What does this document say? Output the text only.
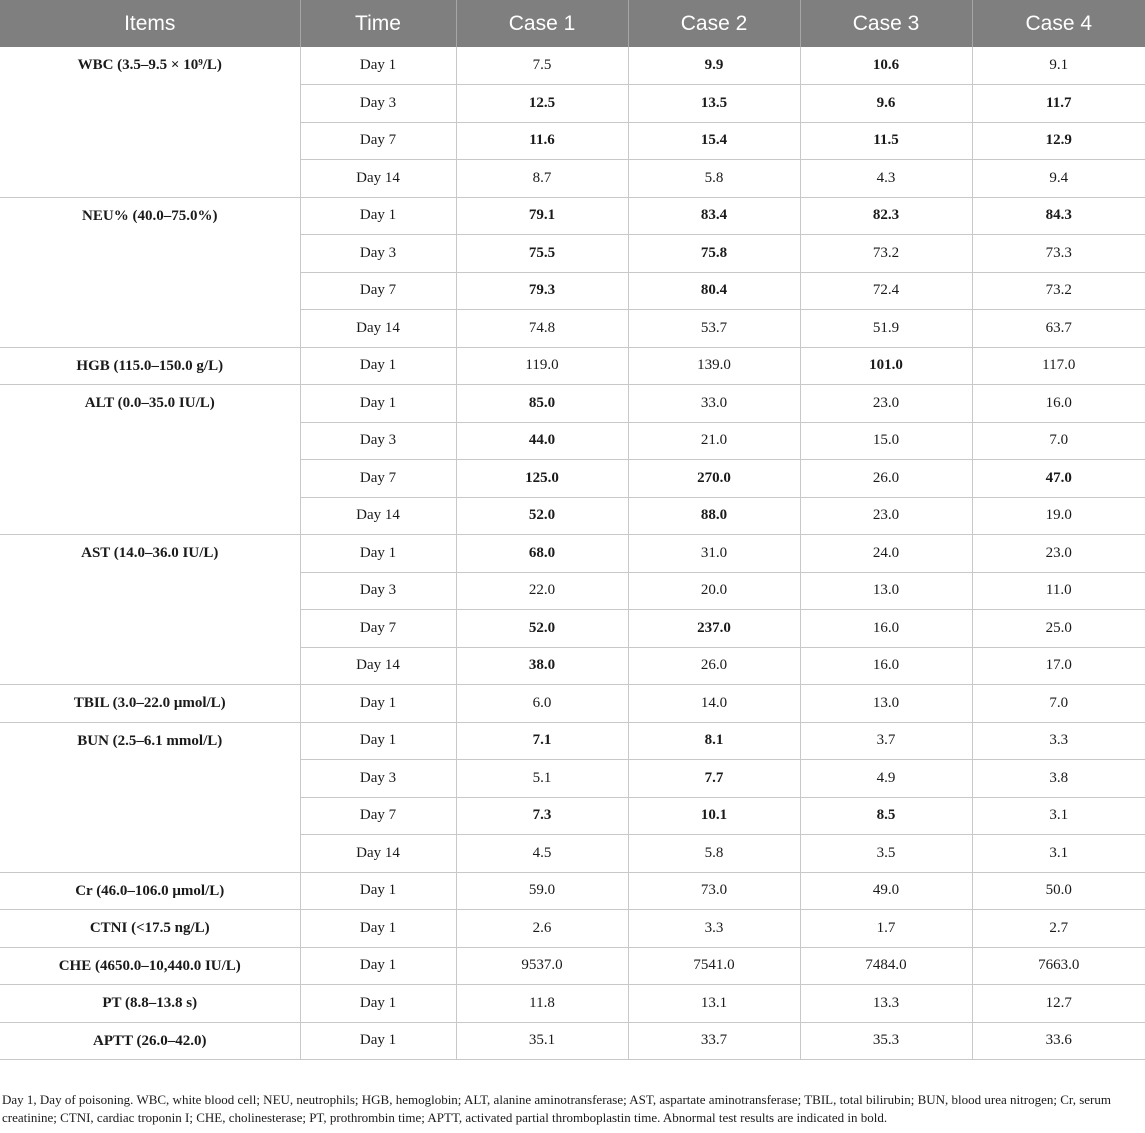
Items	Time	Case 1	Case 2	Case 3	Case 4
WBC (3.5–9.5 × 10⁹/L)	Day 1	7.5	9.9	10.6	9.1
	Day 3	12.5	13.5	9.6	11.7
	Day 7	11.6	15.4	11.5	12.9
	Day 14	8.7	5.8	4.3	9.4
NEU% (40.0–75.0%)	Day 1	79.1	83.4	82.3	84.3
	Day 3	75.5	75.8	73.2	73.3
	Day 7	79.3	80.4	72.4	73.2
	Day 14	74.8	53.7	51.9	63.7
HGB (115.0–150.0 g/L)	Day 1	119.0	139.0	101.0	117.0
ALT (0.0–35.0 IU/L)	Day 1	85.0	33.0	23.0	16.0
	Day 3	44.0	21.0	15.0	7.0
	Day 7	125.0	270.0	26.0	47.0
	Day 14	52.0	88.0	23.0	19.0
AST (14.0–36.0 IU/L)	Day 1	68.0	31.0	24.0	23.0
	Day 3	22.0	20.0	13.0	11.0
	Day 7	52.0	237.0	16.0	25.0
	Day 14	38.0	26.0	16.0	17.0
TBIL (3.0–22.0 μmol/L)	Day 1	6.0	14.0	13.0	7.0
BUN (2.5–6.1 mmol/L)	Day 1	7.1	8.1	3.7	3.3
	Day 3	5.1	7.7	4.9	3.8
	Day 7	7.3	10.1	8.5	3.1
	Day 14	4.5	5.8	3.5	3.1
Cr (46.0–106.0 μmol/L)	Day 1	59.0	73.0	49.0	50.0
CTNI (<17.5 ng/L)	Day 1	2.6	3.3	1.7	2.7
CHE (4650.0–10,440.0 IU/L)	Day 1	9537.0	7541.0	7484.0	7663.0
PT (8.8–13.8 s)	Day 1	11.8	13.1	13.3	12.7
APTT (26.0–42.0)	Day 1	35.1	33.7	35.3	33.6
Day 1, Day of poisoning. WBC, white blood cell; NEU, neutrophils; HGB, hemoglobin; ALT, alanine aminotransferase; AST, aspartate aminotransferase; TBIL, total bilirubin; BUN, blood urea nitrogen; Cr, serum creatinine; CTNI, cardiac troponin I; CHE, cholinesterase; PT, prothrombin time; APTT, activated partial thromboplastin time. Abnormal test results are indicated in bold.
